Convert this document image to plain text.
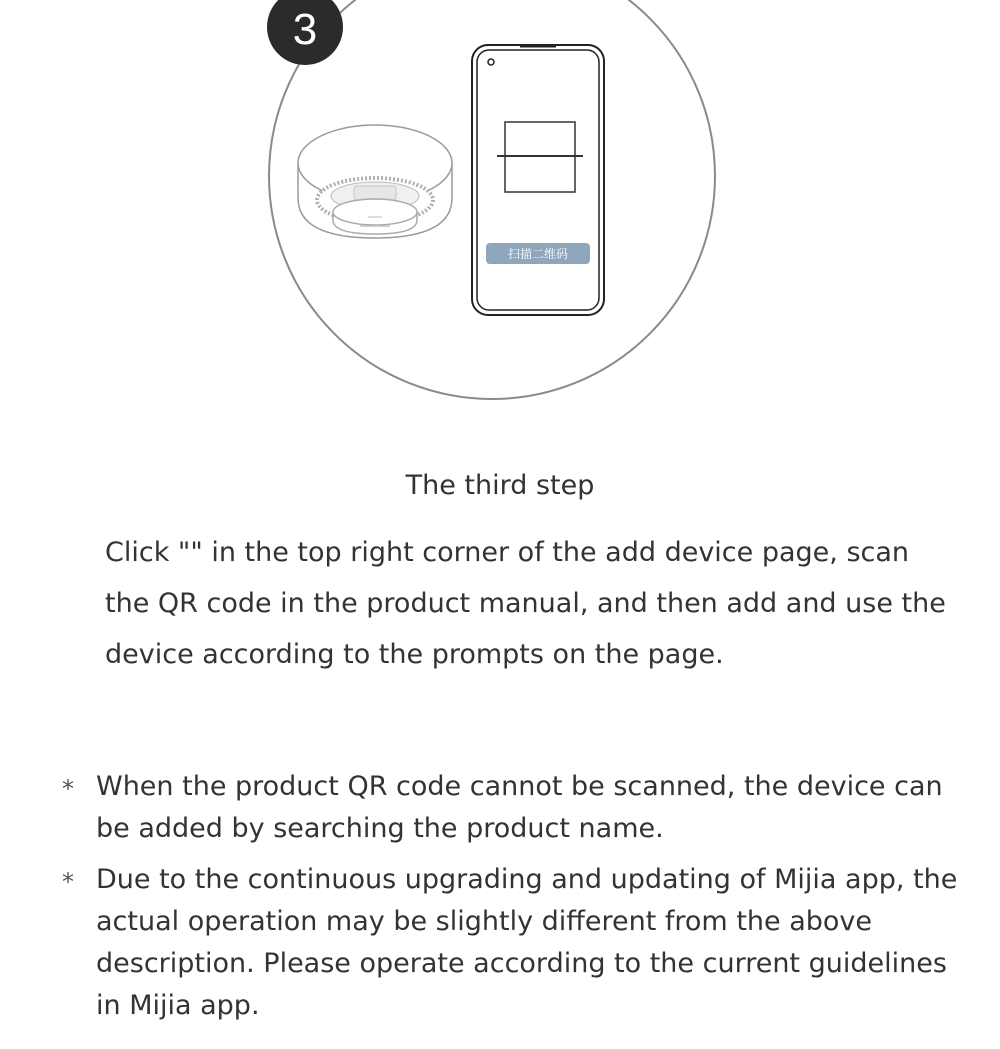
3
扫描二维码
The third step
Click "" in the top right corner of the add device page, scan the QR code in the product manual, and then add and use the device according to the prompts on the page.
* When the product QR code cannot be scanned, the device can be added by searching the product name.
* Due to the continuous upgrading and updating of Mijia app, the actual operation may be slightly different from the above description. Please operate according to the current guidelines in Mijia app.
